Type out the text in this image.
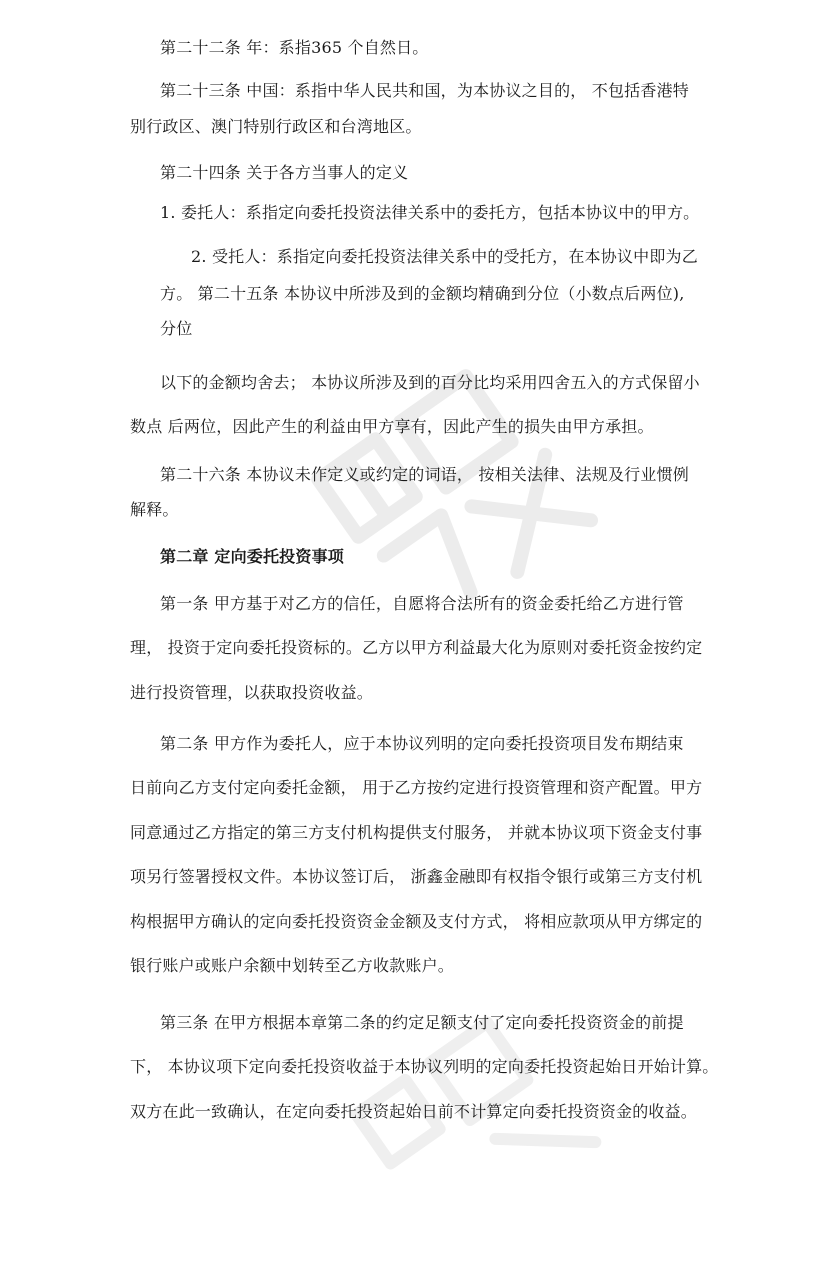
第二十二条 年：系指365 个自然日。
第二十三条 中国：系指中华人民共和国，为本协议之目的， 不包括香港特
别行政区、澳门特别行政区和台湾地区。
第二十四条 关于各方当事人的定义
1. 委托人：系指定向委托投资法律关系中的委托方，包括本协议中的甲方。
2. 受托人：系指定向委托投资法律关系中的受托方，在本协议中即为乙
方。 第二十五条 本协议中所涉及到的金额均精确到分位（小数点后两位),
分位
以下的金额均舍去； 本协议所涉及到的百分比均采用四舍五入的方式保留小
数点 后两位，因此产生的利益由甲方享有，因此产生的损失由甲方承担。
第二十六条 本协议未作定义或约定的词语， 按相关法律、法规及行业惯例
解释。
第二章 定向委托投资事项
第一条 甲方基于对乙方的信任，自愿将合法所有的资金委托给乙方进行管
理， 投资于定向委托投资标的。乙方以甲方利益最大化为原则对委托资金按约定
进行投资管理，以获取投资收益。
第二条 甲方作为委托人，应于本协议列明的定向委托投资项目发布期结束
日前向乙方支付定向委托金额， 用于乙方按约定进行投资管理和资产配置。甲方
同意通过乙方指定的第三方支付机构提供支付服务， 并就本协议项下资金支付事
项另行签署授权文件。本协议签订后， 浙鑫金融即有权指令银行或第三方支付机
构根据甲方确认的定向委托投资资金金额及支付方式， 将相应款项从甲方绑定的
银行账户或账户余额中划转至乙方收款账户。
第三条 在甲方根据本章第二条的约定足额支付了定向委托投资资金的前提
下， 本协议项下定向委托投资收益于本协议列明的定向委托投资起始日开始计算。
双方在此一致确认，在定向委托投资起始日前不计算定向委托投资资金的收益。
